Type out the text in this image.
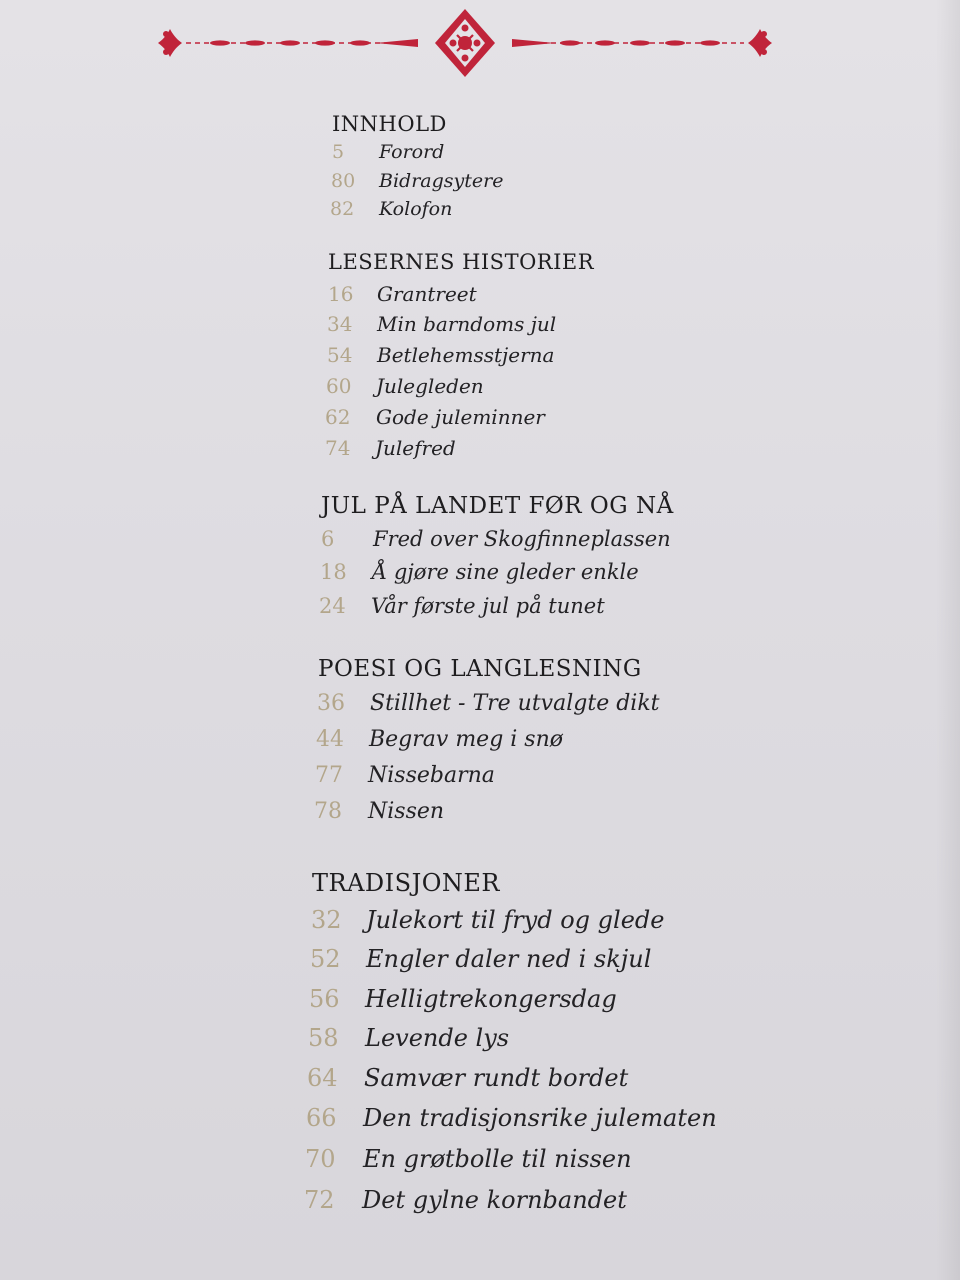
INNHOLD
5 Forord
80 Bidragsytere
82 Kolofon
LESERNES HISTORIER
16 Grantreet
34 Min barndoms jul
54 Betlehemsstjerna
60 Julegleden
62 Gode juleminner
74 Julefred
JUL PÅ LANDET FØR OG NÅ
6 Fred over Skogfinneplassen
18 Å gjøre sine gleder enkle
24 Vår første jul på tunet
POESI OG LANGLESNING
36 Stillhet - Tre utvalgte dikt
44 Begrav meg i snø
77 Nissebarna
78 Nissen
TRADISJONER
32 Julekort til fryd og glede
52 Engler daler ned i skjul
56 Helligtrekongersdag
58 Levende lys
64 Samvær rundt bordet
66 Den tradisjonsrike julematen
70 En grøtbolle til nissen
72 Det gylne kornbandet
